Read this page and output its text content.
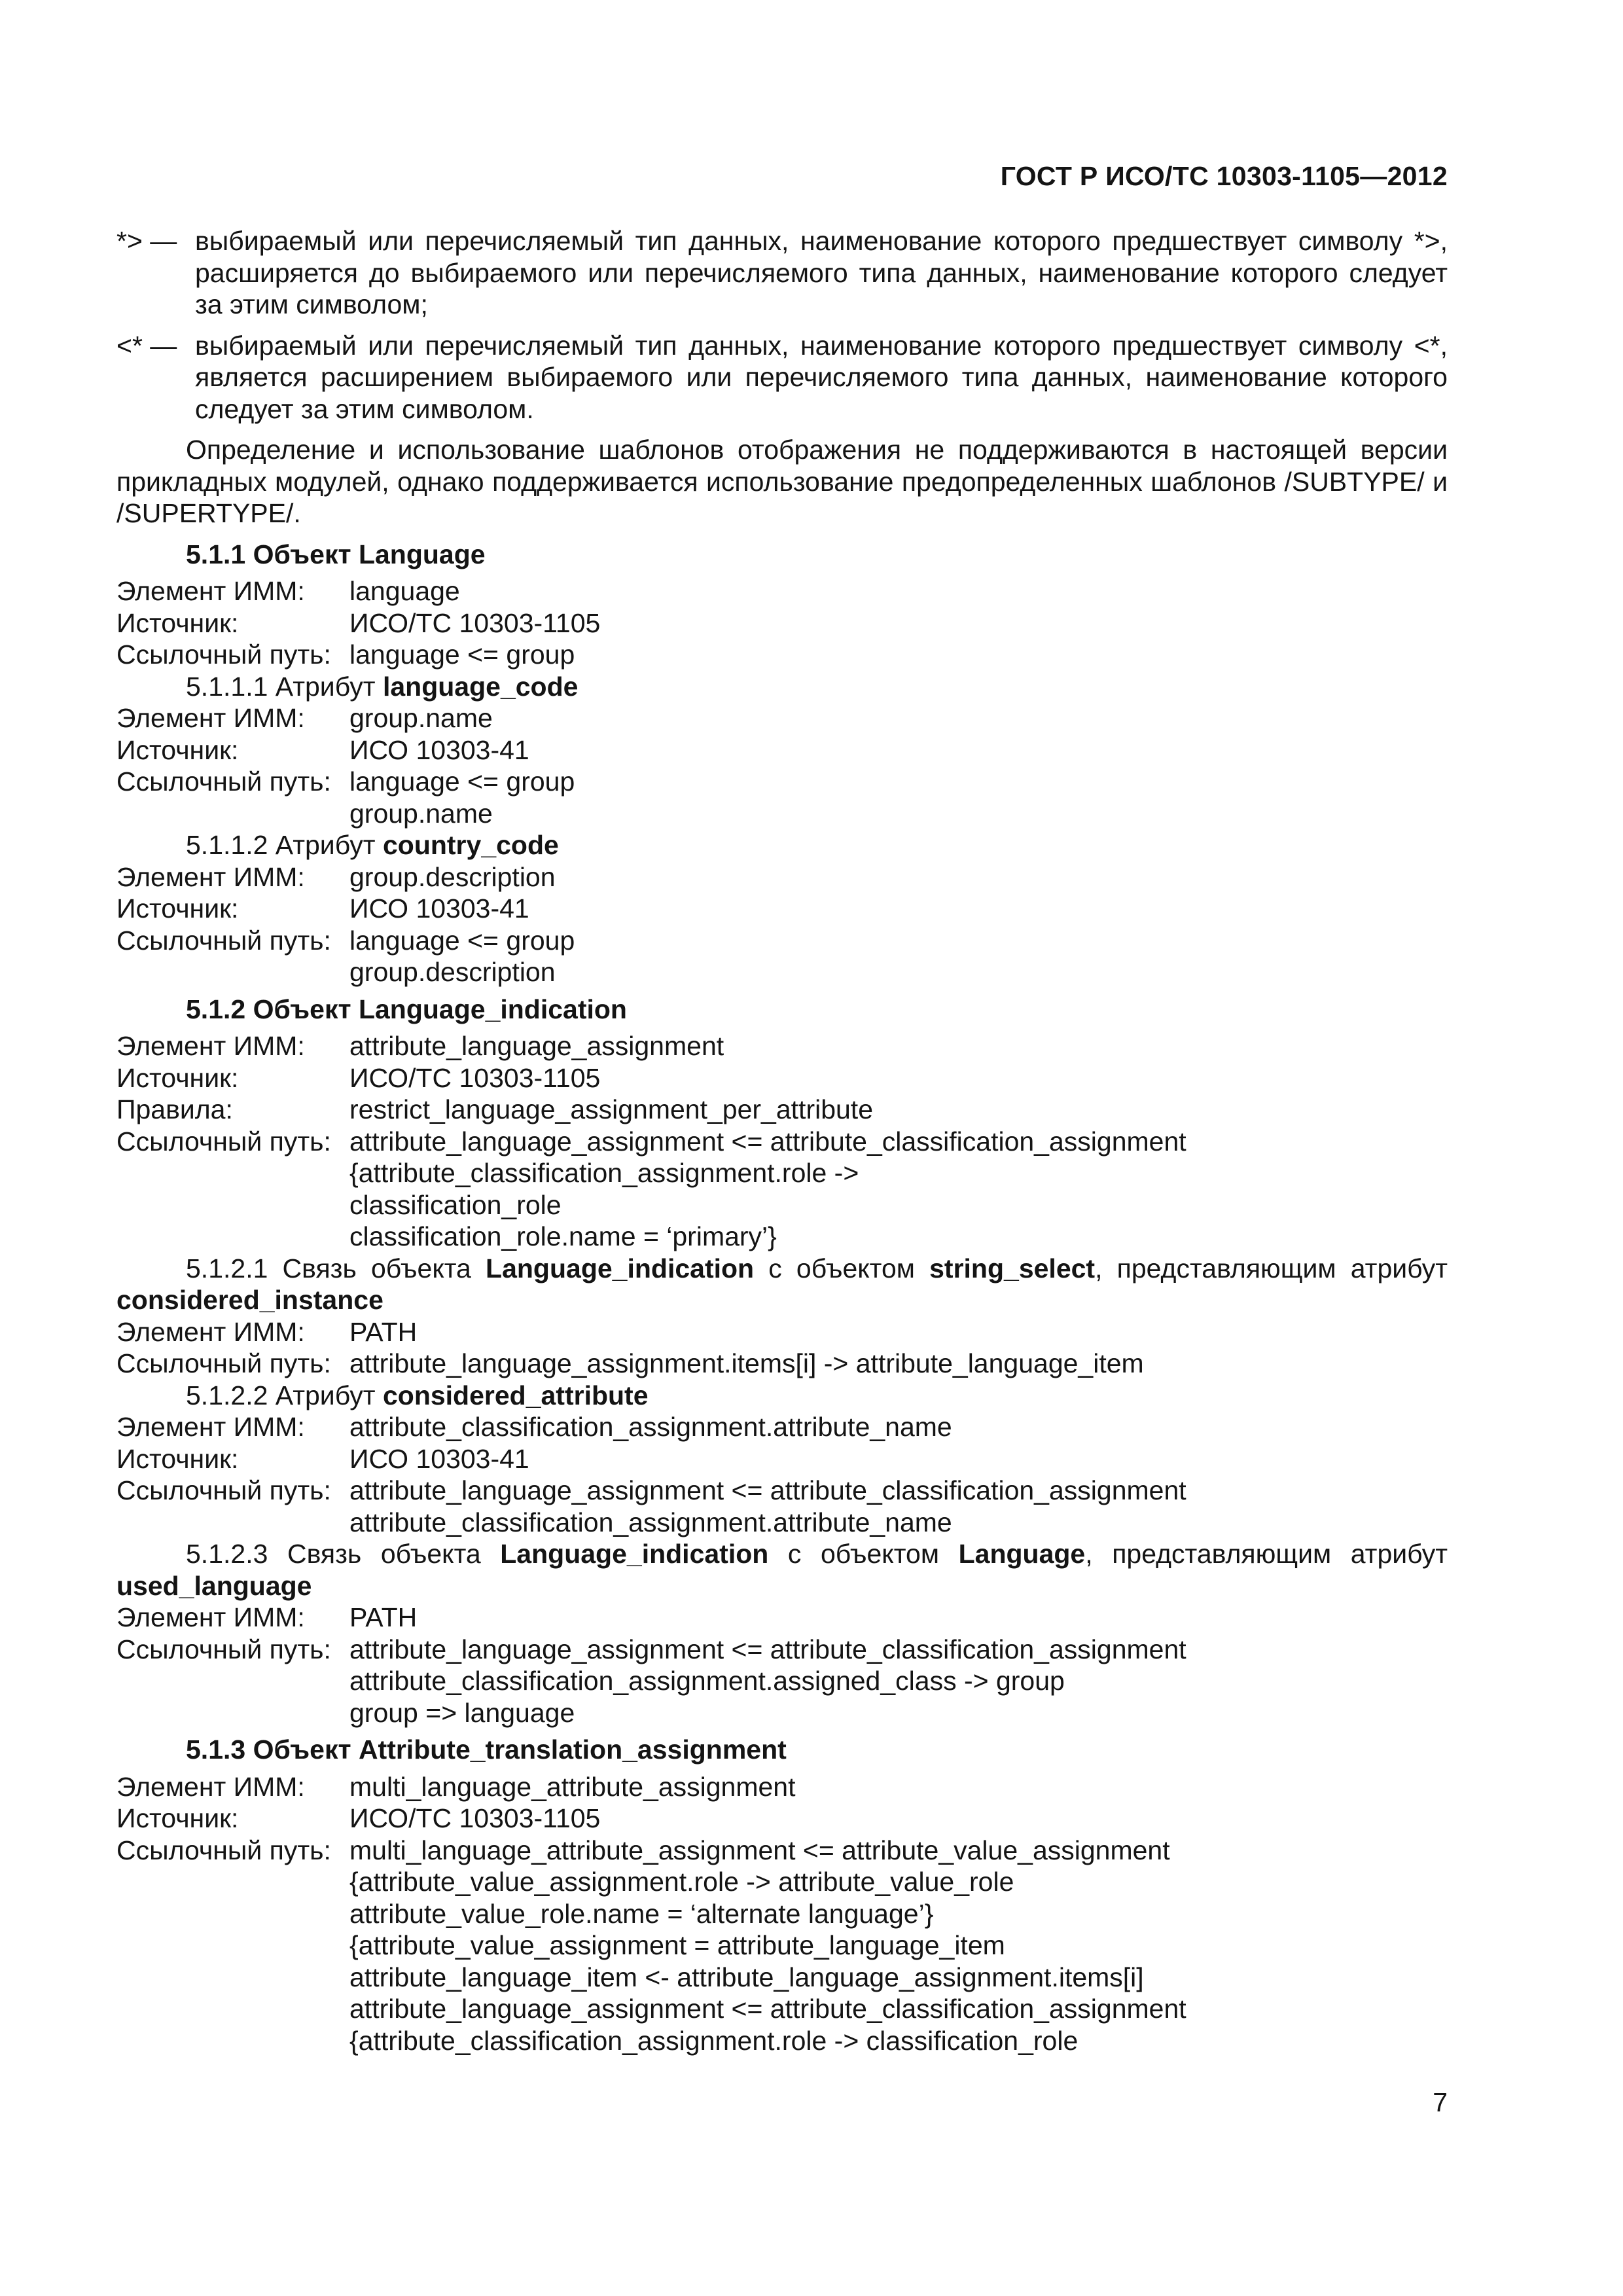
ГОСТ Р ИСО/ТС 10303-1105—2012
*> — выбираемый или перечисляемый тип данных, наименование которого предшествует символу *>, расширяется до выбираемого или перечисляемого типа данных, наименование которого следует за этим символом;
<* — выбираемый или перечисляемый тип данных, наименование которого предшествует символу <*, является расширением выбираемого или перечисляемого типа данных, наименование которого следует за этим символом.
Определение и использование шаблонов отображения не поддерживаются в настоящей версии прикладных модулей, однако поддерживается использование предопределенных шаблонов /SUBTYPE/ и /SUPERTYPE/.
5.1.1 Объект Language
Элемент ИММ:	language
Источник:	ИСО/ТС 10303-1105
Ссылочный путь: language <= group
5.1.1.1 Атрибут language_code
Элемент ИММ:	group.name
Источник:	ИСО 10303-41
Ссылочный путь: language <= group
group.name
5.1.1.2 Атрибут country_code
Элемент ИММ:	group.description
Источник:	ИСО 10303-41
Ссылочный путь: language <= group
group.description
5.1.2 Объект Language_indication
Элемент ИММ:	attribute_language_assignment
Источник:	ИСО/ТС 10303-1105
Правила:	restrict_language_assignment_per_attribute
Ссылочный путь: attribute_language_assignment <= attribute_classification_assignment
{attribute_classification_assignment.role ->
classification_role
classification_role.name = ‘primary’}
5.1.2.1 Связь объекта Language_indication с объектом string_select, представляющим атрибут considered_instance
Элемент ИММ:	PATH
Ссылочный путь: attribute_language_assignment.items[i] -> attribute_language_item
5.1.2.2 Атрибут considered_attribute
Элемент ИММ:	attribute_classification_assignment.attribute_name
Источник:	ИСО 10303-41
Ссылочный путь: attribute_language_assignment <= attribute_classification_assignment
attribute_classification_assignment.attribute_name
5.1.2.3 Связь объекта Language_indication с объектом Language, представляющим атрибут used_language
Элемент ИММ:	PATH
Ссылочный путь: attribute_language_assignment <= attribute_classification_assignment
attribute_classification_assignment.assigned_class -> group
group => language
5.1.3 Объект Attribute_translation_assignment
Элемент ИММ:	multi_language_attribute_assignment
Источник:	ИСО/ТС 10303-1105
Ссылочный путь: multi_language_attribute_assignment <= attribute_value_assignment
{attribute_value_assignment.role -> attribute_value_role
attribute_value_role.name = ‘alternate language’}
{attribute_value_assignment = attribute_language_item
attribute_language_item <- attribute_language_assignment.items[i]
attribute_language_assignment <= attribute_classification_assignment
{attribute_classification_assignment.role -> classification_role
7
